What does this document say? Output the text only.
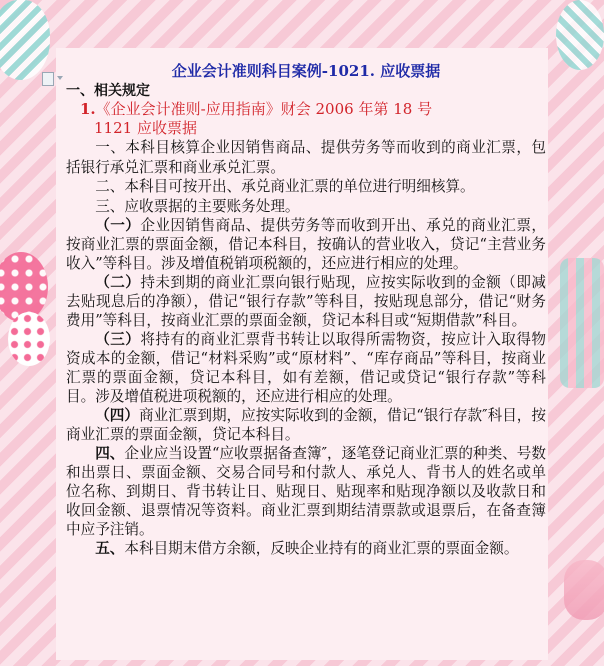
企业会计准则科目案例-1021. 应收票据

一、相关规定

1.《企业会计准则-应用指南》财会 2006 年第 18 号

1121 应收票据

一、本科目核算企业因销售商品、提供劳务等而收到的商业汇票，包括银行承兑汇票和商业承兑汇票。

二、本科目可按开出、承兑商业汇票的单位进行明细核算。

三、应收票据的主要账务处理。

（一）企业因销售商品、提供劳务等而收到开出、承兑的商业汇票，按商业汇票的票面金额，借记本科目，按确认的营业收入，贷记“主营业务收入”等科目。涉及增值税销项税额的，还应进行相应的处理。

（二）持未到期的商业汇票向银行贴现，应按实际收到的金额（即减去贴现息后的净额），借记“银行存款”等科目，按贴现息部分，借记“财务费用”等科目，按商业汇票的票面金额，贷记本科目或“短期借款”科目。

（三）将持有的商业汇票背书转让以取得所需物资，按应计入取得物资成本的金额，借记“材料采购”或“原材料”、“库存商品”等科目，按商业汇票的票面金额，贷记本科目，如有差额，借记或贷记“银行存款”等科目。涉及增值税进项税额的，还应进行相应的处理。

（四）商业汇票到期，应按实际收到的金额，借记“银行存款″科目，按商业汇票的票面金额，贷记本科目。

四、企业应当设置“应收票据备查簿″，逐笔登记商业汇票的种类、号数和出票日、票面金额、交易合同号和付款人、承兑人、背书人的姓名或单位名称、到期日、背书转让日、贴现日、贴现率和贴现净额以及收款日和收回金额、退票情况等资料。商业汇票到期结清票款或退票后，在备查簿中应予注销。

五、本科目期末借方余额，反映企业持有的商业汇票的票面金额。
